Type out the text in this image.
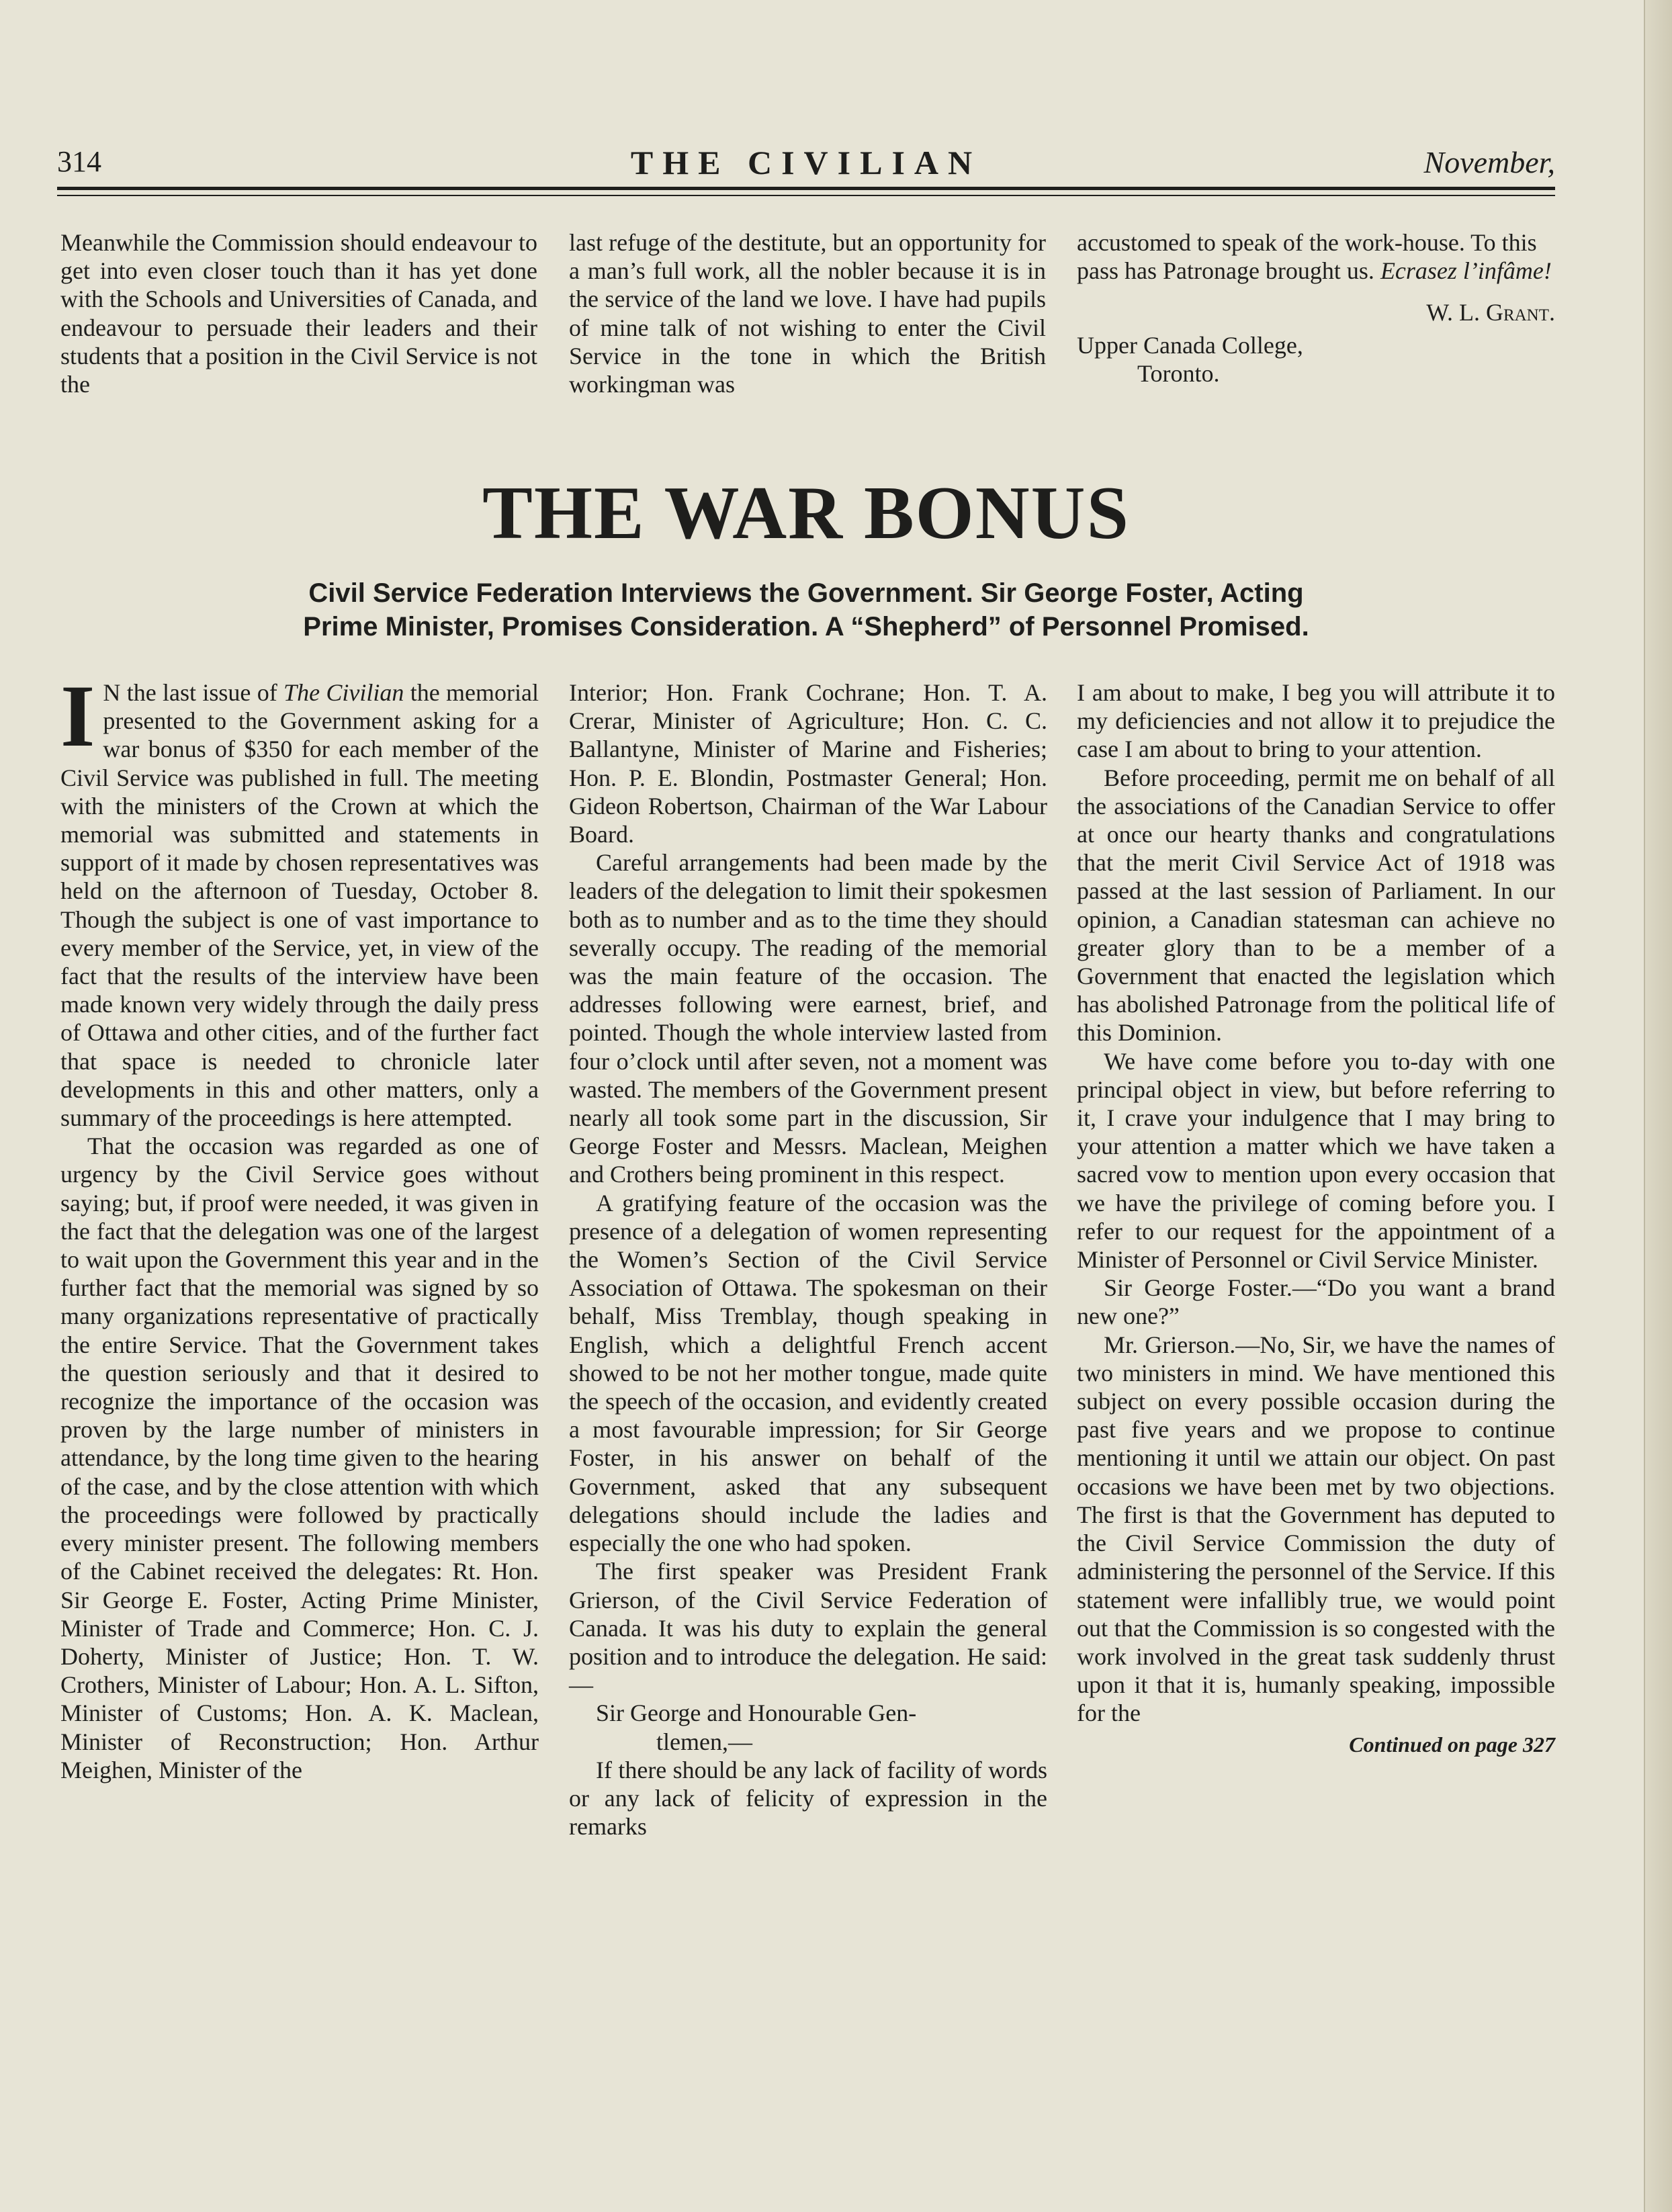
314	THE CIVILIAN	November,

Meanwhile the Commission should endeavour to get into even closer touch than it has yet done with the Schools and Universities of Canada, and endeavour to persuade their leaders and their students that a position in the Civil Service is not the

last refuge of the destitute, but an opportunity for a man’s full work, all the nobler because it is in the service of the land we love. I have had pupils of mine talk of not wishing to enter the Civil Service in the tone in which the British workingman was

accustomed to speak of the work-house. To this pass has Patronage brought us. Ecrasez l’infâme!

W. L. Grant.

Upper Canada College,

Toronto.

THE WAR BONUS
Civil Service Federation Interviews the Government. Sir George Foster, Acting
Prime Minister, Promises Consideration. A “Shepherd” of Personnel Promised.

I N the last issue of The Civilian the memorial presented to the Government asking for a war bonus of $350 for each member of the Civil Service was published in full. The meeting with the ministers of the Crown at which the memorial was submitted and statements in support of it made by chosen representatives was held on the afternoon of Tuesday, October 8. Though the subject is one of vast importance to every member of the Service, yet, in view of the fact that the results of the interview have been made known very widely through the daily press of Ottawa and other cities, and of the further fact that space is needed to chronicle later developments in this and other matters, only a summary of the proceedings is here attempted.

That the occasion was regarded as one of urgency by the Civil Service goes without saying; but, if proof were needed, it was given in the fact that the delegation was one of the largest to wait upon the Government this year and in the further fact that the memorial was signed by so many organizations representative of practically the entire Service. That the Government takes the question seriously and that it desired to recognize the importance of the occasion was proven by the large number of ministers in attendance, by the long time given to the hearing of the case, and by the close attention with which the proceedings were followed by practically every minister present. The following members of the Cabinet received the delegates: Rt. Hon. Sir George E. Foster, Acting Prime Minister, Minister of Trade and Commerce; Hon. C. J. Doherty, Minister of Justice; Hon. T. W. Crothers, Minister of Labour; Hon. A. L. Sifton, Minister of Customs; Hon. A. K. Maclean, Minister of Reconstruction; Hon. Arthur Meighen, Minister of the

Interior; Hon. Frank Cochrane; Hon. T. A. Crerar, Minister of Agriculture; Hon. C. C. Ballantyne, Minister of Marine and Fisheries; Hon. P. E. Blondin, Postmaster General; Hon. Gideon Robertson, Chairman of the War Labour Board.

Careful arrangements had been made by the leaders of the delegation to limit their spokesmen both as to number and as to the time they should severally occupy. The reading of the memorial was the main feature of the occasion. The addresses following were earnest, brief, and pointed. Though the whole interview lasted from four o’clock until after seven, not a moment was wasted. The members of the Government present nearly all took some part in the discussion, Sir George Foster and Messrs. Maclean, Meighen and Crothers being prominent in this respect.

A gratifying feature of the occasion was the presence of a delegation of women representing the Women’s Section of the Civil Service Association of Ottawa. The spokesman on their behalf, Miss Tremblay, though speaking in English, which a delightful French accent showed to be not her mother tongue, made quite the speech of the occasion, and evidently created a most favourable impression; for Sir George Foster, in his answer on behalf of the Government, asked that any subsequent delegations should include the ladies and especially the one who had spoken.

The first speaker was President Frank Grierson, of the Civil Service Federation of Canada. It was his duty to explain the general position and to introduce the delegation. He said:—

Sir George and Honourable Gen-

tlemen,—

If there should be any lack of facility of words or any lack of felicity of expression in the remarks

I am about to make, I beg you will attribute it to my deficiencies and not allow it to prejudice the case I am about to bring to your attention.

Before proceeding, permit me on behalf of all the associations of the Canadian Service to offer at once our hearty thanks and congratulations that the merit Civil Service Act of 1918 was passed at the last session of Parliament. In our opinion, a Canadian statesman can achieve no greater glory than to be a member of a Government that enacted the legislation which has abolished Patronage from the political life of this Dominion.

We have come before you to-day with one principal object in view, but before referring to it, I crave your indulgence that I may bring to your attention a matter which we have taken a sacred vow to mention upon every occasion that we have the privilege of coming before you. I refer to our request for the appointment of a Minister of Personnel or Civil Service Minister.

Sir George Foster.—“Do you want a brand new one?”

Mr. Grierson.—No, Sir, we have the names of two ministers in mind. We have mentioned this subject on every possible occasion during the past five years and we propose to continue mentioning it until we attain our object. On past occasions we have been met by two objections. The first is that the Government has deputed to the Civil Service Commission the duty of administering the personnel of the Service. If this statement were infallibly true, we would point out that the Commission is so congested with the work involved in the great task suddenly thrust upon it that it is, humanly speaking, impossible for the

Continued on page 327
